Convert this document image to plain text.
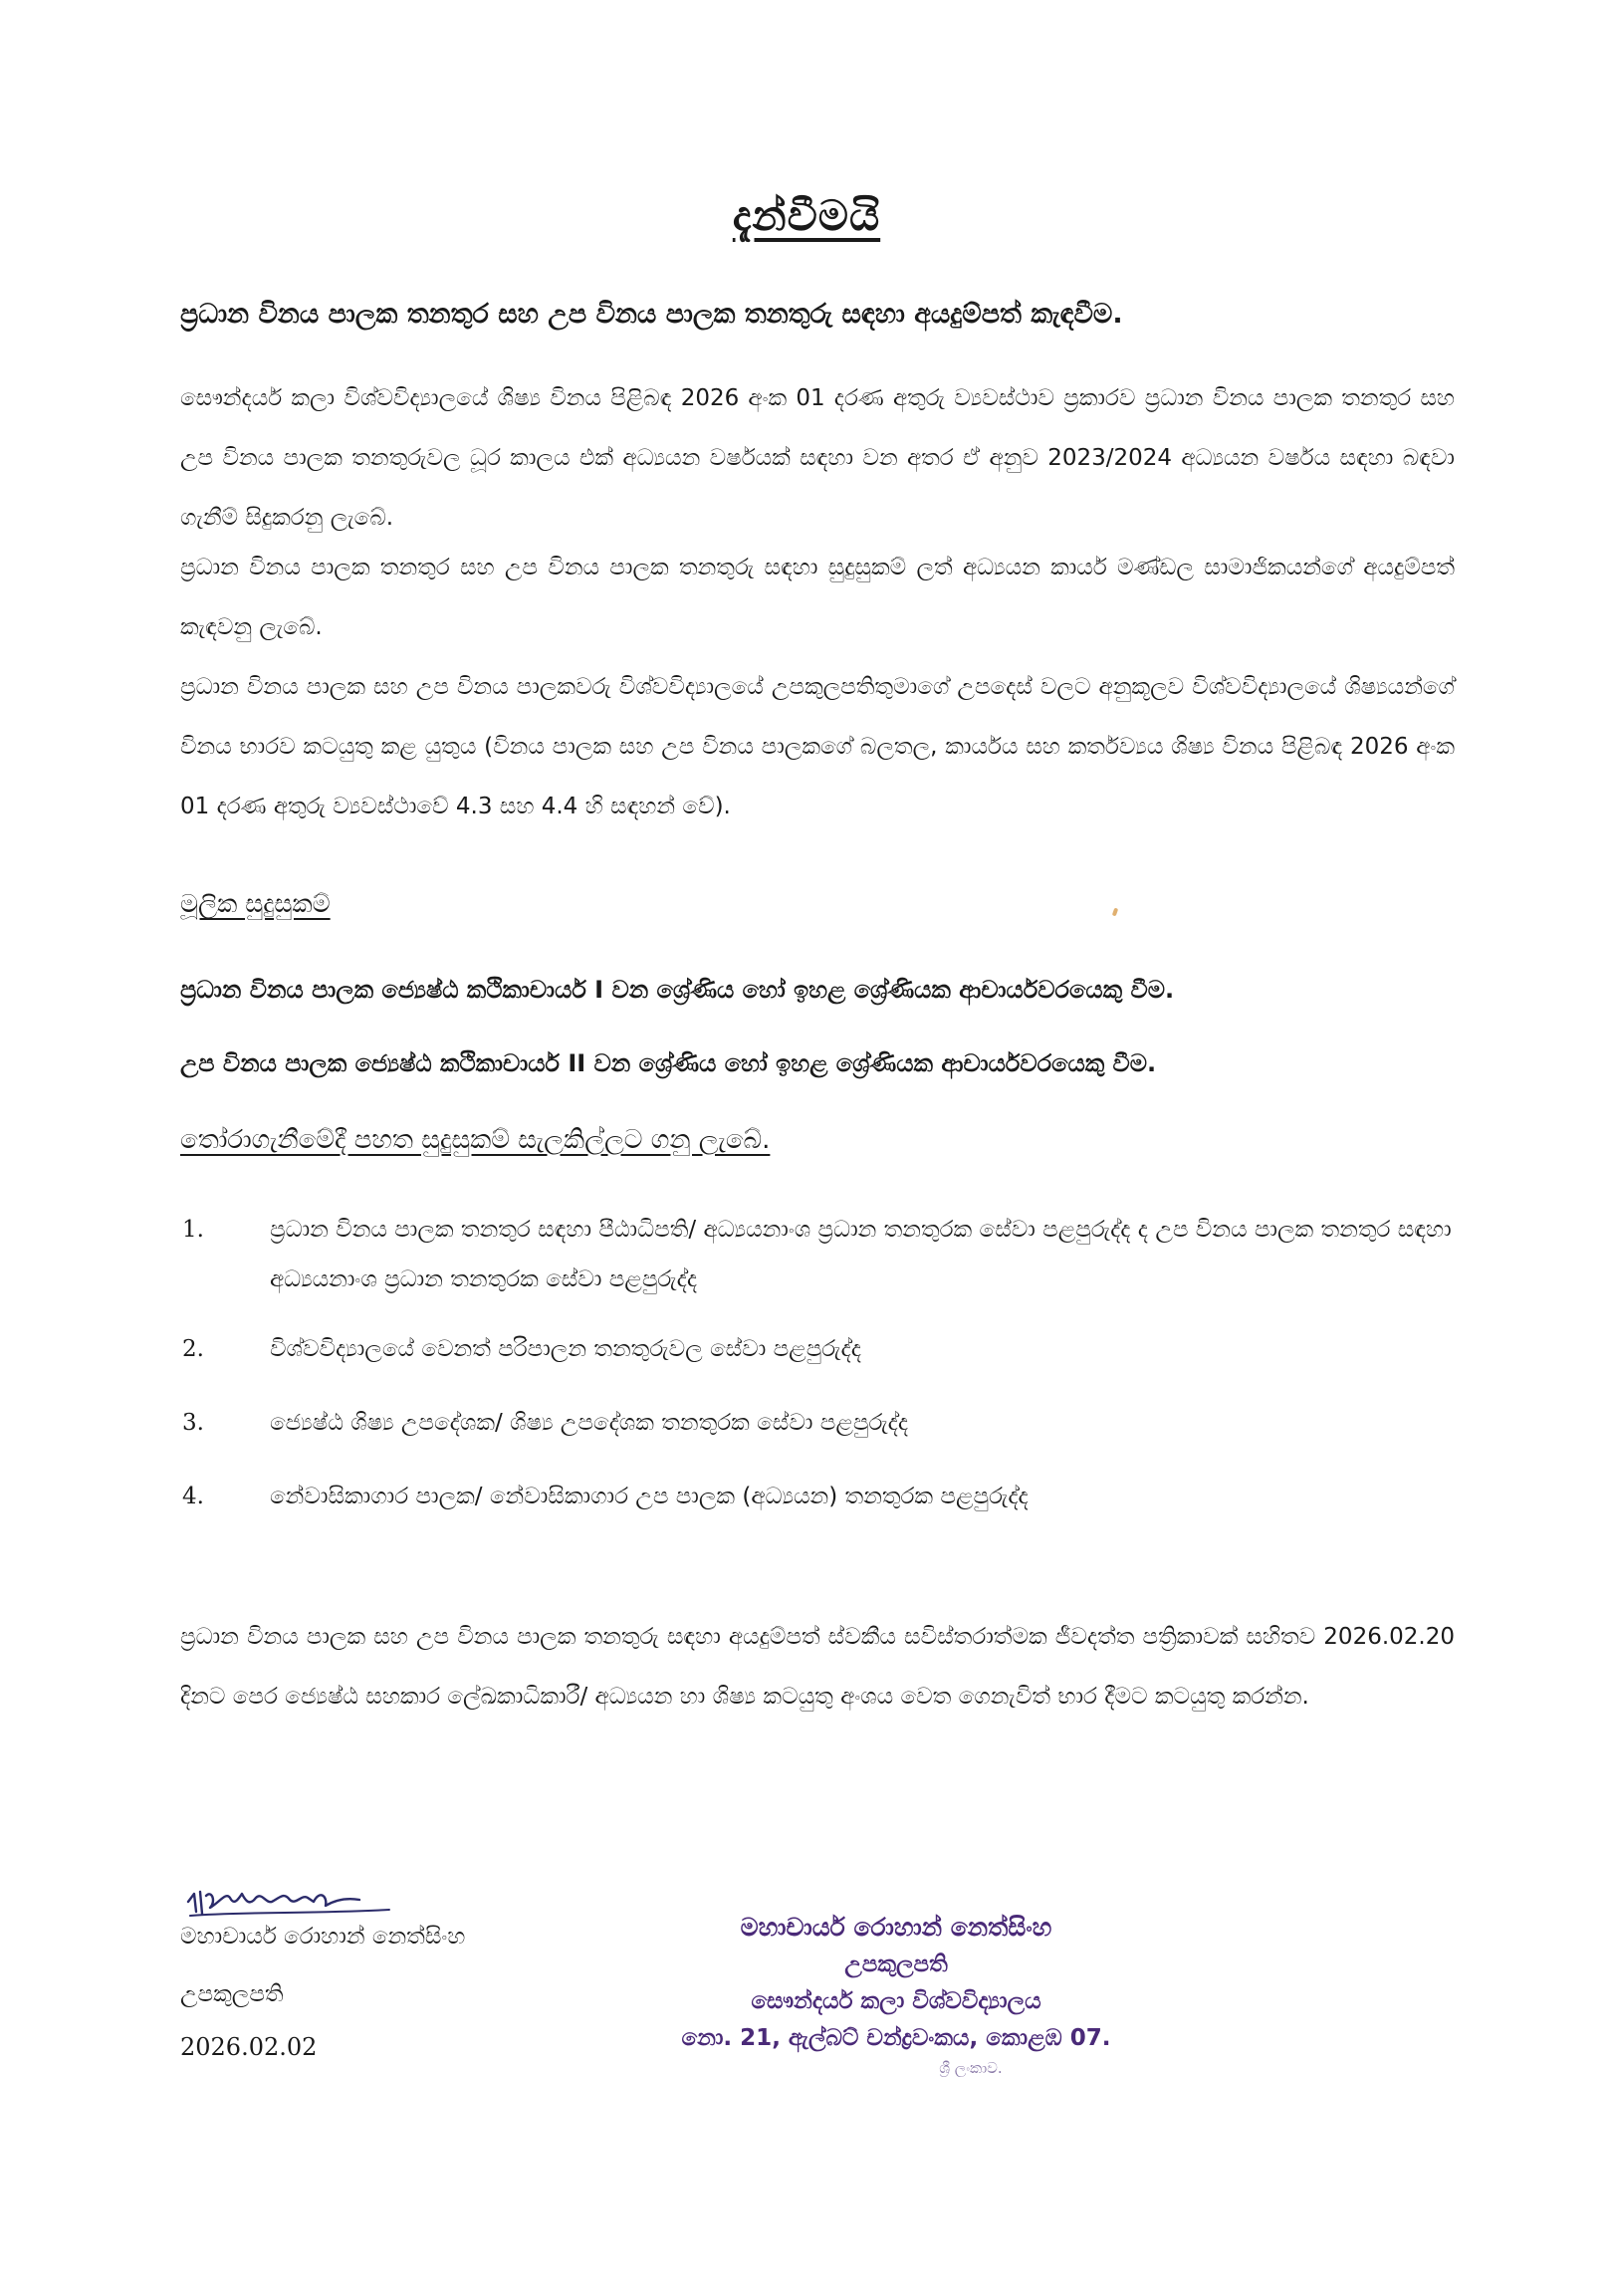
දැන්වීමයි
ප්‍රධාන විනය පාලක තනතුර සහ උප විනය පාලක තනතුරු සඳහා අයදුම්පත් කැඳවීම.
සෞන්දර්ය කලා විශ්වවිද්‍යාලයේ ශිෂ්‍ය විනය පිළිබඳ 2026 අංක 01 දරණ අතුරු ව්‍යවස්ථාව ප්‍රකාරව ප්‍රධාන විනය පාලක තනතුර සහ උප විනය පාලක තනතුරුවල ධූර කාලය එක් අධ්‍යයන වර්ෂයක් සඳහා වන අතර ඒ අනුව 2023/2024 අධ්‍යයන වර්ෂය සඳහා බඳවා ගැනීම් සිදුකරනු ලැබේ.
ප්‍රධාන විනය පාලක තනතුර සහ උප විනය පාලක තනතුරු සඳහා සුදුසුකම් ලත් අධ්‍යයන කාර්ය මණ්ඩල සාමාජිකයන්ගේ අයදුම්පත් කැඳවනු ලැබේ.
ප්‍රධාන විනය පාලක සහ උප විනය පාලකවරු විශ්වවිද්‍යාලයේ උපකුලපතිතුමාගේ උපදෙස් වලට අනුකූලව විශ්වවිද්‍යාලයේ ශිෂ්‍යයන්ගේ විනය භාරව කටයුතු කළ යුතුය (විනය පාලක සහ උප විනය පාලකගේ බලතල, කාර්යය සහ කර්තව්‍යය ශිෂ්‍ය විනය පිළිබඳ 2026 අංක 01 දරණ අතුරු ව්‍යවස්ථාවේ 4.3 සහ 4.4 හි සඳහන් වේ).
මූලික සුදුසුකම්
ප්‍රධාන විනය පාලක ජ්‍යෙෂ්ඨ කථිකාචාර්ය I වන ශ්‍රේණිය හෝ ඉහළ ශ්‍රේණියක ආචාර්යවරයෙකු වීම.
උප විනය පාලක ජ්‍යෙෂ්ඨ කථිකාචාර්ය II වන ශ්‍රේණිය හෝ ඉහළ ශ්‍රේණියක ආචාර්යවරයෙකු වීම.
තෝරාගැනීමේදී පහත සුදුසුකම් සැලකිල්ලට ගනු ලැබේ.
1.	ප්‍රධාන විනය පාලක තනතුර සඳහා පීඨාධිපති/ අධ්‍යයනාංශ ප්‍රධාන තනතුරක සේවා පළපුරුද්ද ද උප විනය පාලක තනතුර සඳහා අධ්‍යයනාංශ ප්‍රධාන තනතුරක සේවා පළපුරුද්ද
2.	විශ්වවිද්‍යාලයේ වෙනත් පරිපාලන තනතුරුවල සේවා පළපුරුද්ද
3.	ජ්‍යෙෂ්ඨ ශිෂ්‍ය උපදේශක/ ශිෂ්‍ය උපදේශක තනතුරක සේවා පළපුරුද්ද
4.	නේවාසිකාගාර පාලක/ නේවාසිකාගාර උප පාලක (අධ්‍යයන) තනතුරක පළපුරුද්ද
ප්‍රධාන විනය පාලක සහ උප විනය පාලක තනතුරු සඳහා අයදුම්පත් ස්වකීය සවිස්තරාත්මක ජීවදත්ත පත්‍රිකාවක් සහිතව 2026.02.20 දිනට පෙර ජ්‍යෙෂ්ඨ සහකාර ලේඛකාධිකාරී/ අධ්‍යයන හා ශිෂ්‍ය කටයුතු අංශය වෙත ගෙනැවිත් භාර දීමට කටයුතු කරන්න.
මහාචාර්ය රොහාන් නෙත්සිංහ
උපකුලපති
2026.02.02
මහාචාර්ය රොහාන් නෙත්සිංහ
උපකුලපති
සෞන්දර්ය කලා විශ්වවිද්‍යාලය
නො. 21, ඇල්බට් චන්ද්‍රවංකය, කොළඹ 07.
ශ්‍රී ලංකාව.
